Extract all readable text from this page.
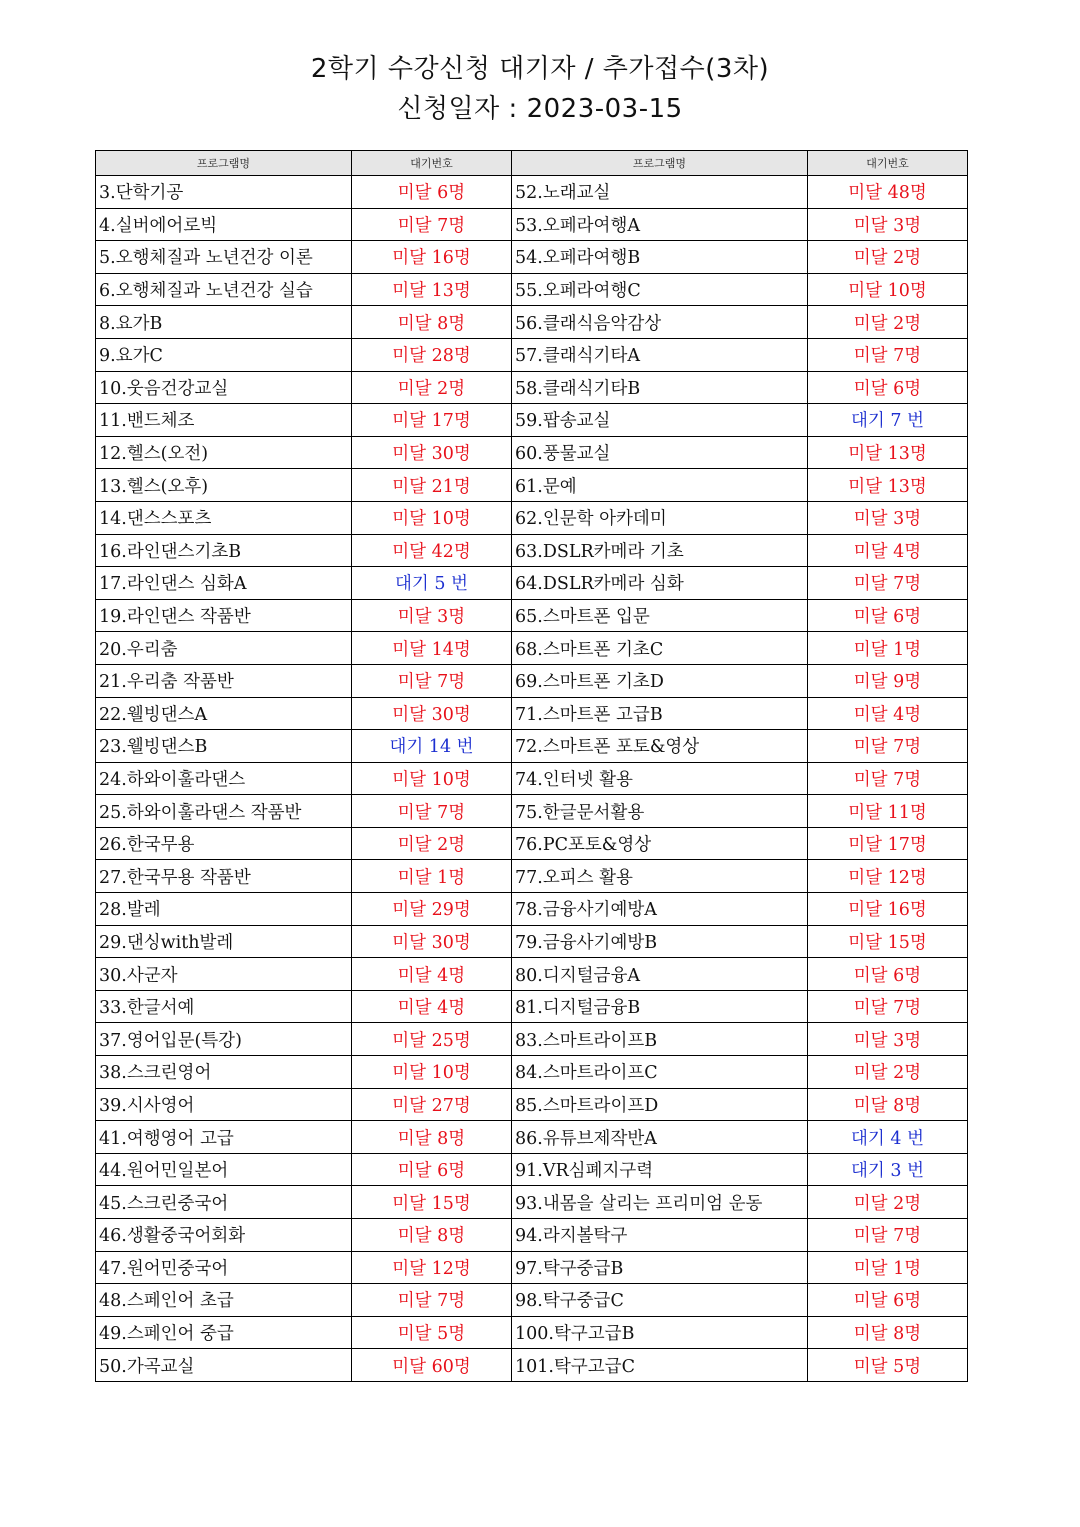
2학기 수강신청 대기자 / 추가접수(3차)
신청일자 : 2023-03-15
프로그램명	대기번호	프로그램명	대기번호
3.단학기공	미달 6명	52.노래교실	미달 48명
4.실버에어로빅	미달 7명	53.오페라여행A	미달 3명
5.오행체질과 노년건강 이론	미달 16명	54.오페라여행B	미달 2명
6.오행체질과 노년건강 실습	미달 13명	55.오페라여행C	미달 10명
8.요가B	미달 8명	56.클래식음악감상	미달 2명
9.요가C	미달 28명	57.클래식기타A	미달 7명
10.웃음건강교실	미달 2명	58.클래식기타B	미달 6명
11.밴드체조	미달 17명	59.팝송교실	대기 7 번
12.헬스(오전)	미달 30명	60.풍물교실	미달 13명
13.헬스(오후)	미달 21명	61.문예	미달 13명
14.댄스스포츠	미달 10명	62.인문학 아카데미	미달 3명
16.라인댄스기초B	미달 42명	63.DSLR카메라 기초	미달 4명
17.라인댄스 심화A	대기 5 번	64.DSLR카메라 심화	미달 7명
19.라인댄스 작품반	미달 3명	65.스마트폰 입문	미달 6명
20.우리춤	미달 14명	68.스마트폰 기초C	미달 1명
21.우리춤 작품반	미달 7명	69.스마트폰 기초D	미달 9명
22.웰빙댄스A	미달 30명	71.스마트폰 고급B	미달 4명
23.웰빙댄스B	대기 14 번	72.스마트폰 포토&영상	미달 7명
24.하와이훌라댄스	미달 10명	74.인터넷 활용	미달 7명
25.하와이훌라댄스 작품반	미달 7명	75.한글문서활용	미달 11명
26.한국무용	미달 2명	76.PC포토&영상	미달 17명
27.한국무용 작품반	미달 1명	77.오피스 활용	미달 12명
28.발레	미달 29명	78.금융사기예방A	미달 16명
29.댄싱with발레	미달 30명	79.금융사기예방B	미달 15명
30.사군자	미달 4명	80.디지털금융A	미달 6명
33.한글서예	미달 4명	81.디지털금융B	미달 7명
37.영어입문(특강)	미달 25명	83.스마트라이프B	미달 3명
38.스크린영어	미달 10명	84.스마트라이프C	미달 2명
39.시사영어	미달 27명	85.스마트라이프D	미달 8명
41.여행영어 고급	미달 8명	86.유튜브제작반A	대기 4 번
44.원어민일본어	미달 6명	91.VR심폐지구력	대기 3 번
45.스크린중국어	미달 15명	93.내몸을 살리는 프리미엄 운동	미달 2명
46.생활중국어회화	미달 8명	94.라지볼탁구	미달 7명
47.원어민중국어	미달 12명	97.탁구중급B	미달 1명
48.스페인어 초급	미달 7명	98.탁구중급C	미달 6명
49.스페인어 중급	미달 5명	100.탁구고급B	미달 8명
50.가곡교실	미달 60명	101.탁구고급C	미달 5명
